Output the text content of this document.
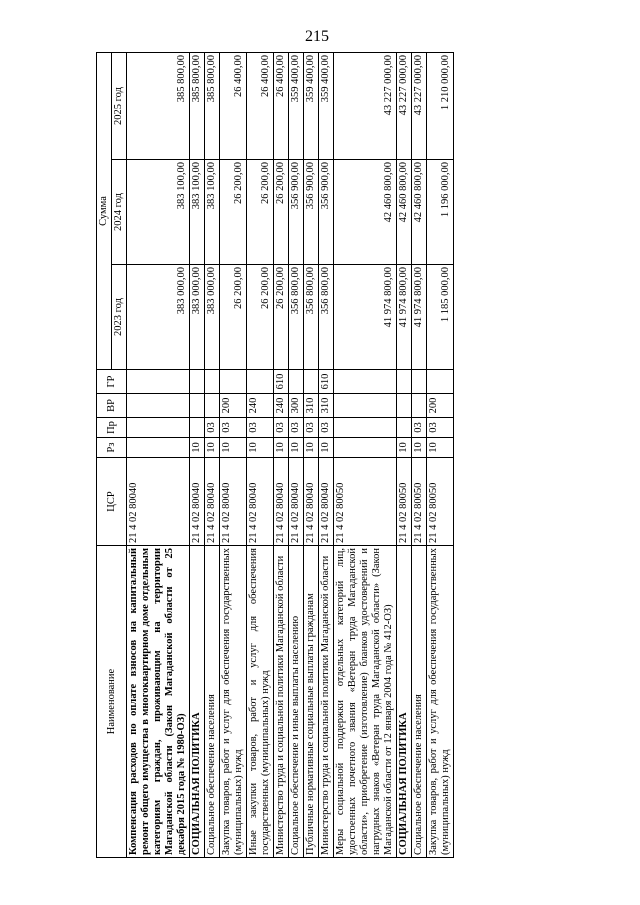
215
Наименование	ЦСР	Рз	Пр	ВР	ГР	Сумма		
						2023 год	2024 год	2025 год
Компенсация расходов по оплате взносов на капитальный ремонт общего имущества в многоквартирном доме отдельным категориям граждан, проживающим на территории Магаданской области (Закон Магаданской области от 25 декабря 2015 года № 1980-ОЗ)	21 4 02 80040					383 000,00	383 100,00	385 800,00
СОЦИАЛЬНАЯ ПОЛИТИКА	21 4 02 80040	10				383 000,00	383 100,00	385 800,00
Социальное обеспечение населения	21 4 02 80040	10	03			383 000,00	383 100,00	385 800,00
Закупка товаров, работ и услуг для обеспечения государственных (муниципальных) нужд	21 4 02 80040	10	03	200		26 200,00	26 200,00	26 400,00
Иные закупки товаров, работ и услуг для обеспечения государственных (муниципальных) нужд	21 4 02 80040	10	03	240		26 200,00	26 200,00	26 400,00
Министерство труда и социальной политики Магаданской области	21 4 02 80040	10	03	240	610	26 200,00	26 200,00	26 400,00
Социальное обеспечение и иные выплаты населению	21 4 02 80040	10	03	300		356 800,00	356 900,00	359 400,00
Публичные нормативные социальные выплаты гражданам	21 4 02 80040	10	03	310		356 800,00	356 900,00	359 400,00
Министерство труда и социальной политики Магаданской области	21 4 02 80040	10	03	310	610	356 800,00	356 900,00	359 400,00
Меры социальной поддержки отдельных категорий лиц, удостоенных почетного звания «Ветеран труда Магаданской области», приобретение (изготовление) бланков удостоверений и нагрудных знаков «Ветеран труда Магаданской области» (Закон Магаданской области от 12 января 2004 года № 412-ОЗ)	21 4 02 80050					41 974 800,00	42 460 800,00	43 227 000,00
СОЦИАЛЬНАЯ ПОЛИТИКА	21 4 02 80050	10				41 974 800,00	42 460 800,00	43 227 000,00
Социальное обеспечение населения	21 4 02 80050	10	03			41 974 800,00	42 460 800,00	43 227 000,00
Закупка товаров, работ и услуг для обеспечения государственных (муниципальных) нужд	21 4 02 80050	10	03	200		1 185 000,00	1 196 000,00	1 210 000,00
